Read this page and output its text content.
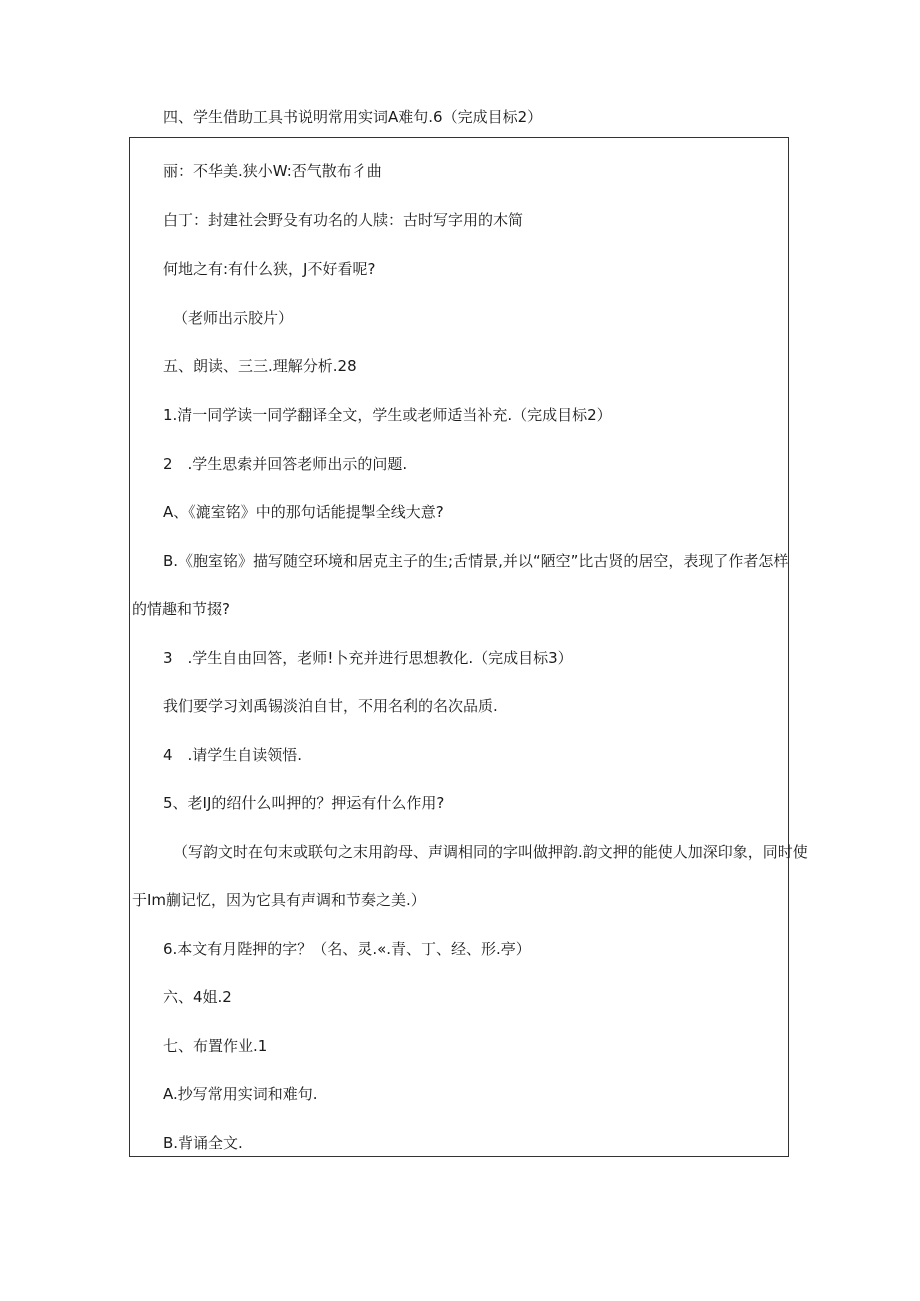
四、学生借助工具书说明常用实词A难句.6（完成目标2）
丽：不华美.狭小W:否气散布彳曲
白丁：封建社会野殳有功名的人牍：古时写字用的木简
何地之有:有什么狭，J不好看呢?
（老师出示胶片）
五、朗读、三三.理解分析.28
1.清一同学读一同学翻译全文，学生或老师适当补充.（完成目标2）
2　.学生思索并回答老师出示的问题.
A、《漉室铭》中的那句话能提掣全线大意?
B.《胞室铭》描写随空环境和居克主子的生;舌情景,并以“陋空”比古贤的居空，表现了作者怎样
的情趣和节掇?
3　.学生自由回答，老师!卜充并进行思想教化.（完成目标3）
我们要学习刘禹锡淡泊自甘，不用名利的名次品质.
4　.请学生自读领悟.
5、老IJ的绍什么叫押的？押运有什么作用?
（写韵文时在句末或联句之末用韵母、声调相同的字叫做押韵.韵文押的能使人加深印象，同时使
于Im蒯记忆，因为它具有声调和节奏之美.）
6.本文有月陛押的字？（名、灵.«.青、丁、经、形.亭）
六、4姐.2
七、布置作业.1
A.抄写常用实词和难句.
B.背诵全文.
